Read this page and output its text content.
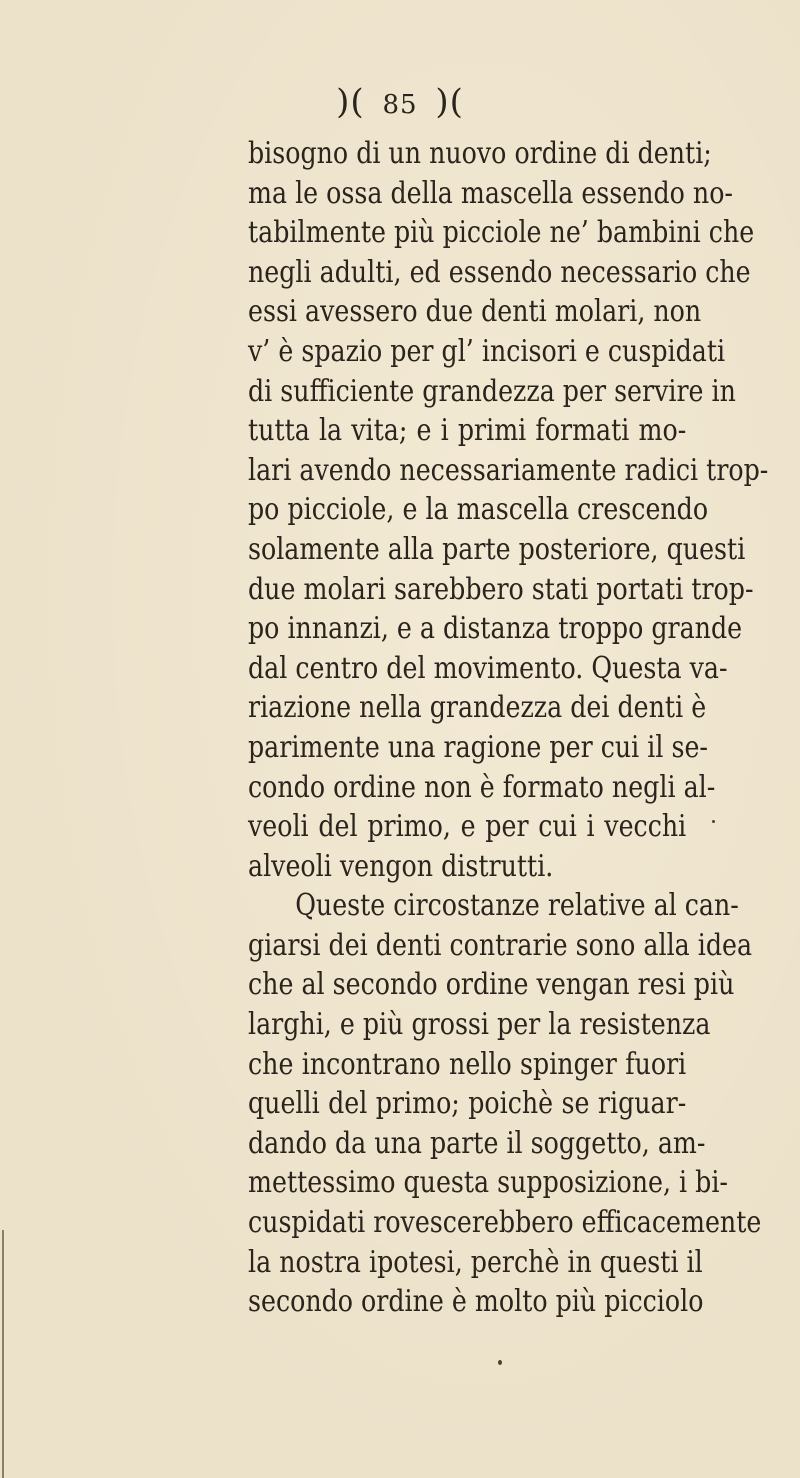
)( 85 )(
bisogno di un nuovo ordine di denti;
ma le ossa della mascella essendo no-
tabilmente più picciole ne’ bambini che
negli adulti, ed essendo necessario che
essi avessero due denti molari, non
v’ è spazio per gl’ incisori e cuspidati
di sufficiente grandezza per servire in
tutta la vita; e i primi formati mo-
lari avendo necessariamente radici trop-
po picciole, e la mascella crescendo
solamente alla parte posteriore, questi
due molari sarebbero stati portati trop-
po innanzi, e a distanza troppo grande
dal centro del movimento. Questa va-
riazione nella grandezza dei denti è
parimente una ragione per cui il se-
condo ordine non è formato negli al-
veoli del primo, e per cui i vecchi
alveoli vengon distrutti.
Queste circostanze relative al can-
giarsi dei denti contrarie sono alla idea
che al secondo ordine vengan resi più
larghi, e più grossi per la resistenza
che incontrano nello spinger fuori
quelli del primo; poichè se riguar-
dando da una parte il soggetto, am-
mettessimo questa supposizione, i bi-
cuspidati rovescerebbero efficacemente
la nostra ipotesi, perchè in questi il
secondo ordine è molto più picciolo
